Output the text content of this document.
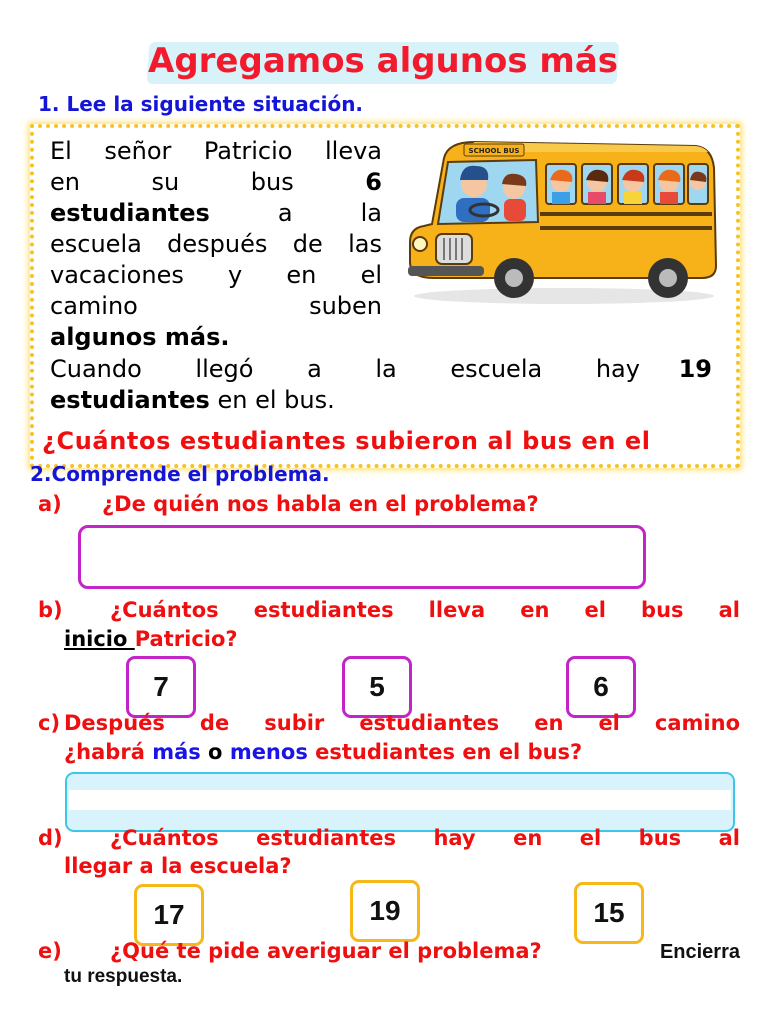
Agregamos algunos más
1. Lee la siguiente situación.
El señor Patricio lleva
en	su	bus	6
estudiantes	a	la
escuela después de las
vacaciones y en el
camino	suben
algunos más.
Cuando llegó a la escuela hay 19
estudiantes en el bus.
¿Cuántos estudiantes subieron al bus en el
SCHOOL BUS
2.Comprende el problema.
a) ¿De quién nos habla en el problema?
b) ¿Cuántos estudiantes lleva en el bus al
inicio Patricio?
7	5	6
c) Después de subir estudiantes en el camino
¿habrá más o menos estudiantes en el bus?
d) ¿Cuántos estudiantes hay en el bus al
llegar a la escuela?
17	19	15
e) ¿Qué te pide averiguar el problema?	Encierra
tu respuesta.
